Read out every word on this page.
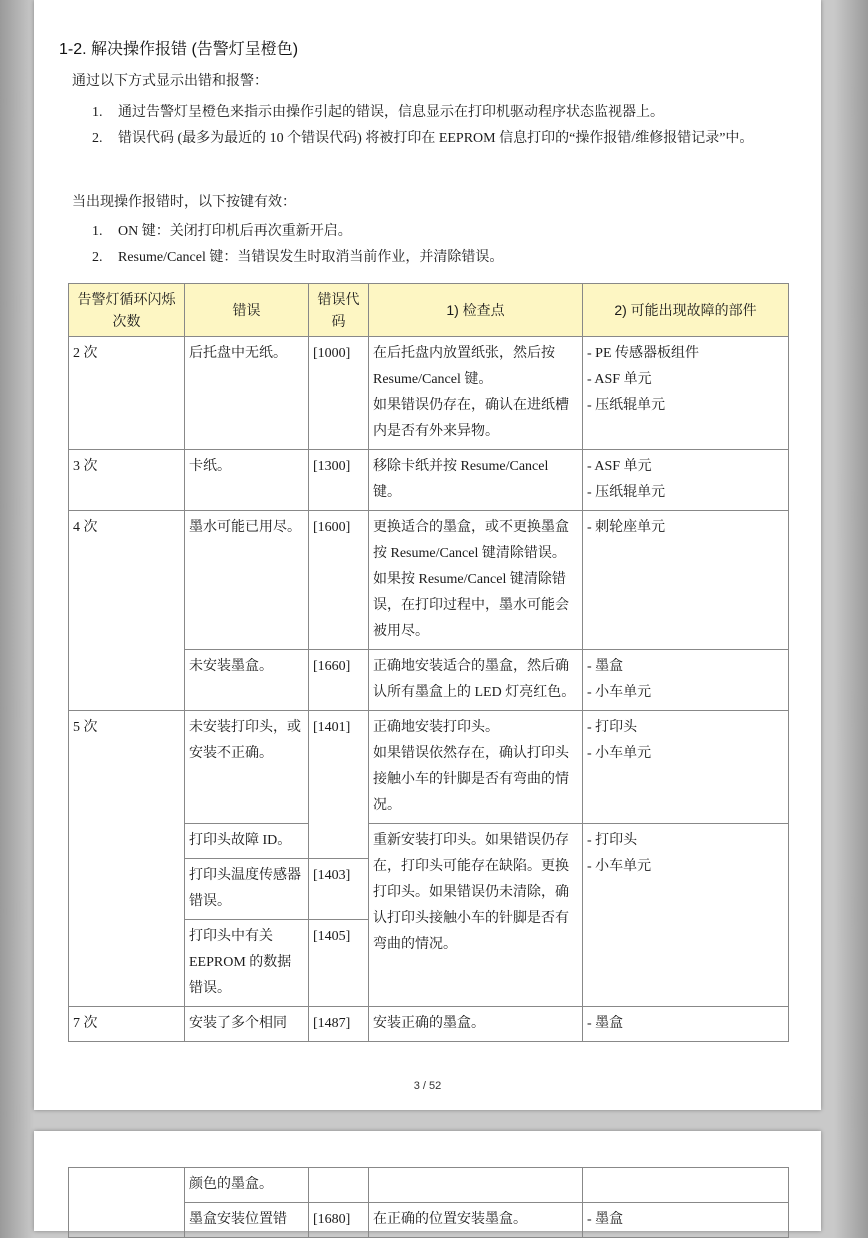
1-2. 解决操作报错 (告警灯呈橙色)

通过以下方式显示出错和报警：

1.	通过告警灯呈橙色来指示由操作引起的错误，信息显示在打印机驱动程序状态监视器上。
2.	错误代码 (最多为最近的 10 个错误代码) 将被打印在 EEPROM 信息打印的“操作报错/维修报错记录”中。

当出现操作报错时，以下按键有效：

1.	ON 键：关闭打印机后再次重新开启。
2.	Resume/Cancel 键：当错误发生时取消当前作业，并清除错误。
告警灯循环闪烁次数	错误	错误代码	1) 检查点	2) 可能出现故障的部件
2 次	后托盘中无纸。	[1000]	在后托盘内放置纸张，然后按 Resume/Cancel 键。
如果错误仍存在，确认在进纸槽内是否有外来异物。	- PE 传感器板组件
- ASF 单元
- 压纸辊单元

3 次	卡纸。	[1300]	移除卡纸并按 Resume/Cancel 键。	- ASF 单元
- 压纸辊单元

4 次	墨水可能已用尽。	[1600]	更换适合的墨盒，或不更换墨盒按 Resume/Cancel 键清除错误。如果按 Resume/Cancel 键清除错误，在打印过程中，墨水可能会被用尽。	- 刺轮座单元
	未安装墨盒。	[1660]	正确地安装适合的墨盒，然后确认所有墨盒上的 LED 灯亮红色。	- 墨盒
- 小车单元

5 次	未安装打印头，或安装不正确。	[1401]	正确地安装打印头。
如果错误依然存在，确认打印头接触小车的针脚是否有弯曲的情况。	- 打印头
- 小车单元

	打印头故障 ID。		重新安装打印头。如果错误仍存在，打印头可能存在缺陷。更换打印头。如果错误仍未清除，确认打印头接触小车的针脚是否有弯曲的情况。	- 打印头
- 小车单元

	打印头温度传感器错误。	[1403]		
	打印头中有关 EEPROM 的数据错误。	[1405]		
7 次	安装了多个相同	[1487]	安装正确的墨盒。	- 墨盒
3 / 52
	颜色的墨盒。			
	墨盒安装位置错	[1680]	在正确的位置安装墨盒。	- 墨盒
